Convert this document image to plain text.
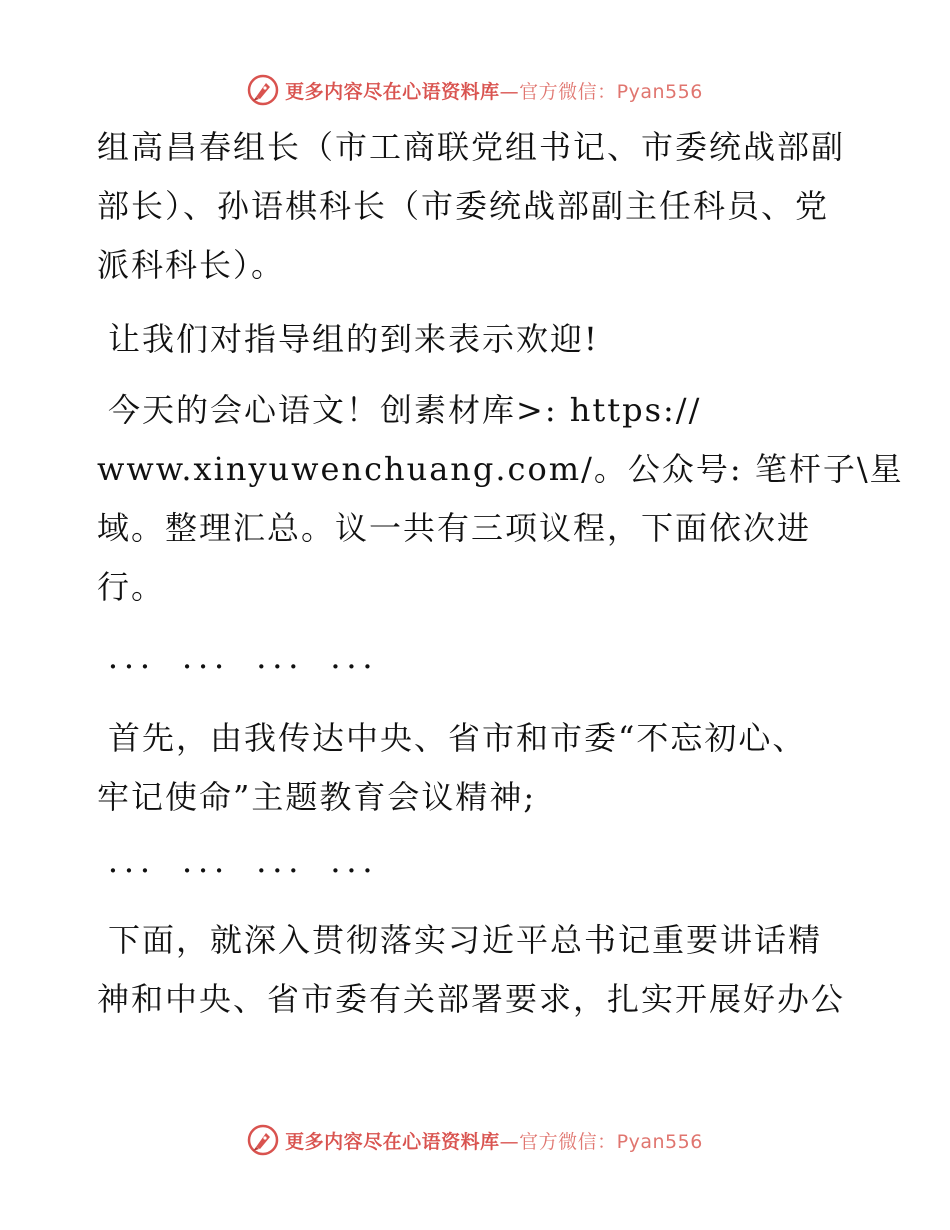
更多内容尽在心语资料库—官方微信：Pyan556
组高昌春组长（市工商联党组书记、市委统战部副
部长）、孙语棋科长（市委统战部副主任科员、党
派科科长）。
让我们对指导组的到来表示欢迎!
今天的会心语文！创素材库>: https://
www.xinyuwenchuang.com/。公众号: 笔杆子\星
域。整理汇总。议一共有三项议程，下面依次进
行。
．．． ．．． ．．． ．．．
首先，由我传达中央、省市和市委“不忘初心、
牢记使命”主题教育会议精神;
．．． ．．． ．．． ．．．
下面，就深入贯彻落实习近平总书记重要讲话精
神和中央、省市委有关部署要求，扎实开展好办公
更多内容尽在心语资料库—官方微信：Pyan556
